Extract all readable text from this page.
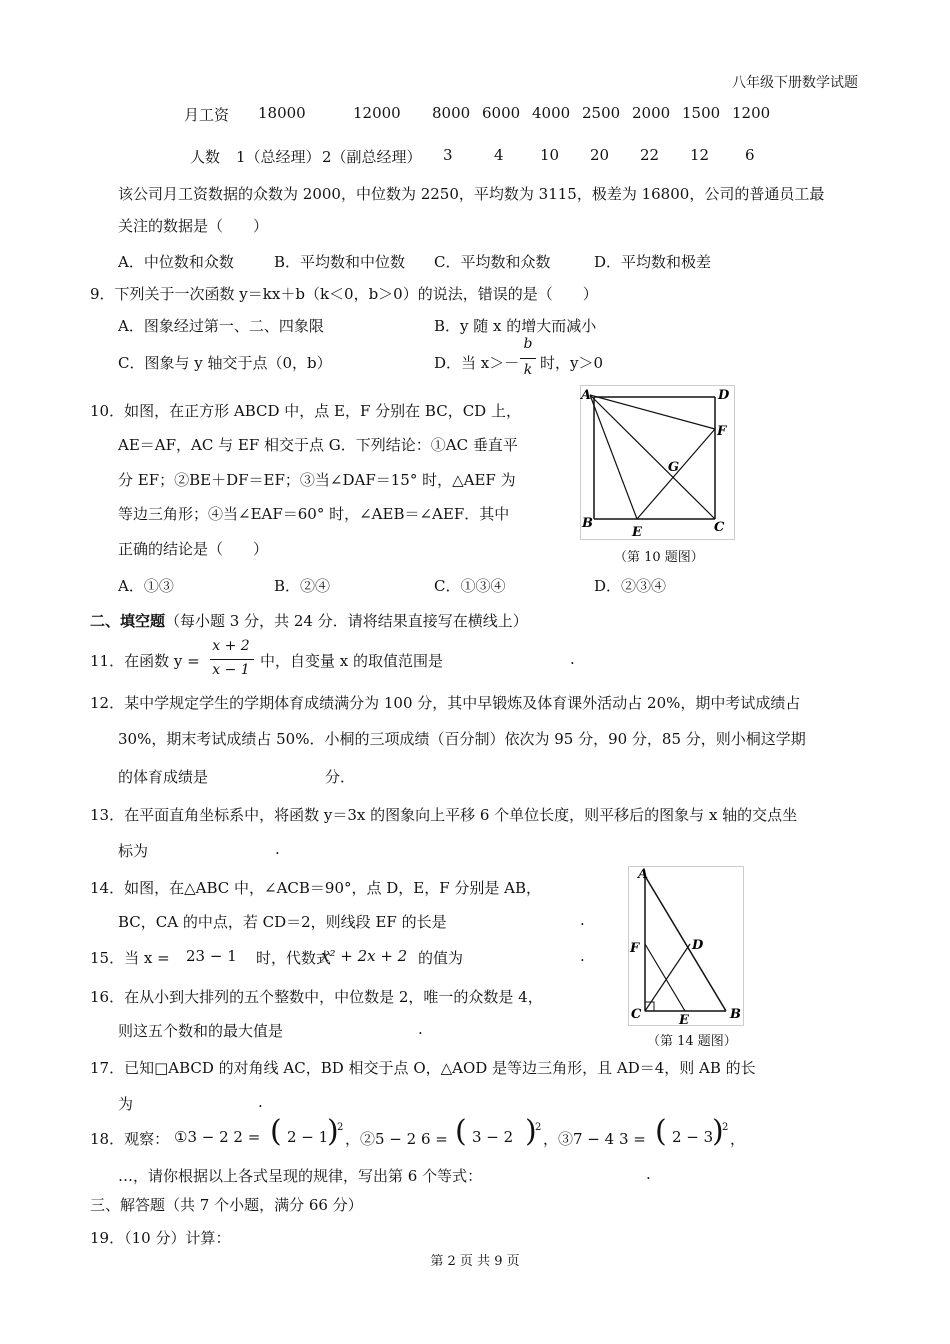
八年级下册数学试题
月工资 18000	12000 8000 6000 4000 2500 2000 1500 1200
人数 1（总经理） 2（副总经理） 3	4 10 20 22 12 6
该公司月工资数据的众数为 2000，中位数为 2250，平均数为 3115，极差为 16800，公司的普通员工最
关注的数据是（　　）
A．中位数和众数	B．平均数和中位数 C．平均数和众数	D．平均数和极差
9．下列关于一次函数 y＝kx＋b（k＜0，b＞0）的说法，错误的是（　　）
A．图象经过第一、二、四象限	B．y 随 x 的增大而减小
C．图象与 y 轴交于点（0，b）	D．当 x＞－
b
k 时，y＞0
10．如图，在正方形 ABCD 中，点 E，F 分别在 BC，CD 上，
AE＝AF，AC 与 EF 相交于点 G．下列结论：①AC 垂直平
分 EF；②BE＋DF＝EF；③当∠DAF＝15° 时，△AEF 为
等边三角形；④当∠EAF＝60° 时，∠AEB＝∠AEF．其中
正确的结论是（　　）
A．①③	B．②④	C．①③④	D．②③④
A	D
F
G
B
E	C
（第 10 题图）
二、填空题（每小题 3 分，共 24 分．请将结果直接写在横线上）
11．在函数 y =
x + 2
x − 1 中，自变量 x 的取值范围是	.
12．某中学规定学生的学期体育成绩满分为 100 分，其中早锻炼及体育课外活动占 20%，期中考试成绩占
30%，期末考试成绩占 50%．小桐的三项成绩（百分制）依次为 95 分，90 分，85 分，则小桐这学期
的体育成绩是	分．
13．在平面直角坐标系中，将函数 y＝3x 的图象向上平移 6 个单位长度，则平移后的图象与 x 轴的交点坐
标为	.
14．如图，在△ABC 中，∠ACB＝90°，点 D，E，F 分别是 AB，
BC，CA 的中点，若 CD＝2，则线段 EF 的长是	.
A
D
F
C	E	B
（第 14 题图）
15．当 x = 23 − 1 时，代数式
x² + 2x + 2 的值为	.
16．在从小到大排列的五个整数中，中位数是 2，唯一的众数是 4，
则这五个数和的最大值是	.
17．已知□ABCD 的对角线 AC，BD 相交于点 O，△AOD 是等边三角形，且 AD＝4，则 AB 的长
为	.
18．观察： ①3 − 2 2 = ( 2 − 1
)
2
，②5 − 2 6 = ( 3 − 2 )
2
，③7 − 4 3 = ( 2 − 3
)
2
，
…，请你根据以上各式呈现的规律，写出第 6 个等式：	.
三、解答题（共 7 个小题，满分 66 分）
19．（10 分）计算：
第 2 页 共 9 页
